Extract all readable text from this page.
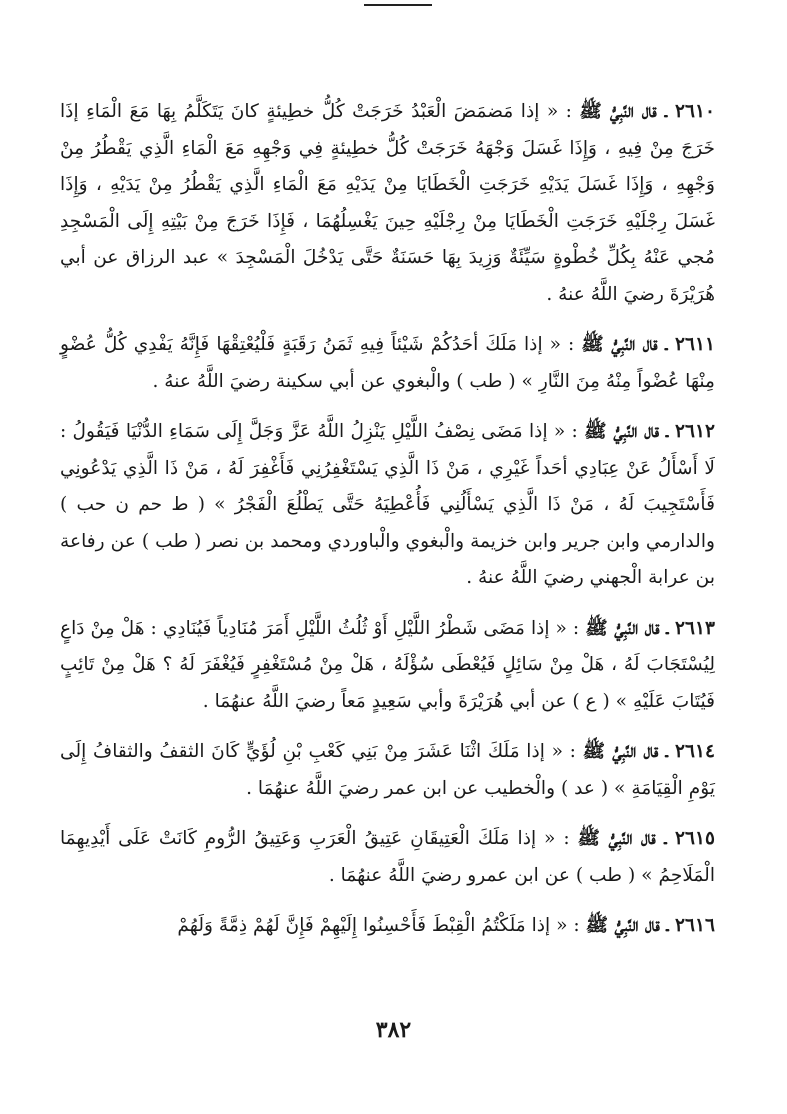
٢٦١٠ ـ قال النَّبِيُّ ﷺ : « إذا مَضمَضَ الْعَبْدُ خَرَجَتْ كُلُّ خطِيئةٍ كانَ يَتَكَلَّمُ بِهَا مَعَ الْمَاءِ إذَا خَرَجَ مِنْ فِيهِ ، وَإِذَا غَسَلَ وَجْهَهُ خَرَجَتْ كُلُّ خطِيئةٍ فِي وَجْهِهِ مَعَ الْمَاءِ الَّذِي يَقْطُرُ مِنْ وَجْهِهِ ، وَإِذَا غَسَلَ يَدَيْهِ خَرَجَتِ الْخَطَايَا مِنْ يَدَيْهِ مَعَ الْمَاءِ الَّذِي يَقْطُرُ مِنْ يَدَيْهِ ، وَإِذَا غَسَلَ رِجْلَيْهِ خَرَجَتِ الْخَطَايَا مِنْ رِجْلَيْهِ حِينَ يَغْسِلُهُمَا ، فَإِذَا خَرَجَ مِنْ بَيْتِهِ إِلَى الْمَسْجِدِ مُجي عَنْهُ بِكُلِّ خُطْوةٍ سَيِّئَةٌ وَزِيدَ بِهَا حَسَنَةٌ حَتَّى يَدْخُلَ الْمَسْجِدَ » عبد الرزاق عن أبي هُرَيْرَةَ رضيَ اللَّهُ عنهُ .

٢٦١١ ـ قال النَّبِيُّ ﷺ : « إذا مَلَكَ أحَدُكُمْ شَيْئاً فِيهِ ثَمَنُ رَقَبَةٍ فَلْيُعْتِقْهَا فَإِنَّهُ يَفْدِي كُلُّ عُضْوٍ مِنْهَا عُضْواً مِنْهُ مِنَ النَّارِ » ( طب ) والْبغوي عن أبي سكينة رضيَ اللَّهُ عنهُ .

٢٦١٢ ـ قال النَّبِيُّ ﷺ : « إذا مَضَى نِصْفُ اللَّيْلِ يَنْزِلُ اللَّهُ عَزَّ وَجَلَّ إِلَى سَمَاءِ الدُّنْيَا فَيَقُولُ : لَا أَسْأَلُ عَنْ عِبَادِي أحَداً غَيْرِي ، مَنْ ذَا الَّذِي يَسْتَغْفِرُنِي فَأَغْفِرَ لَهُ ، مَنْ ذَا الَّذِي يَدْعُونِي فَأَسْتَجِيبَ لَهُ ، مَنْ ذَا الَّذِي يَسْأَلُنِي فَأُعْطِيَهُ حَتَّى يَطْلُعَ الْفَجْرُ » ( ط حم ن حب ) والدارمي وابن جرير وابن خزيمة والْبغوي والْباوردي ومحمد بن نصر ( طب ) عن رفاعة بن عرابة الْجهني رضيَ اللَّهُ عنهُ .

٢٦١٣ ـ قال النَّبِيُّ ﷺ : « إذا مَضَى شَطْرُ اللَّيْلِ أَوْ ثُلُثُ اللَّيْلِ أَمَرَ مُنَادِياً فَيُنَادِي : هَلْ مِنْ دَاعٍ لِيُسْتَجَابَ لَهُ ، هَلْ مِنْ سَائِلٍ فَيُعْطَى سُؤْلَهُ ، هَلْ مِنْ مُسْتَغْفِرٍ فَيُغْفَرَ لَهُ ؟ هَلْ مِنْ تَائِبٍ فَيُتَابَ عَلَيْهِ » ( ع ) عن أبي هُرَيْرَةَ وأبي سَعِيدٍ مَعاً رضيَ اللَّهُ عنهُمَا .

٢٦١٤ ـ قال النَّبِيُّ ﷺ : « إذا مَلَكَ اثْنَا عَشَرَ مِنْ بَنِي كَعْبِ بْنِ لُؤَيٍّ كَانَ الثقفُ والثقافُ إِلَى يَوْمِ الْقِيَامَةِ » ( عد ) والْخطيب عن ابن عمر رضيَ اللَّهُ عنهُمَا .

٢٦١٥ ـ قال النَّبِيُّ ﷺ : « إذا مَلَكَ الْعَتِيقَانِ عَتِيقُ الْعَرَبِ وَعَتِيقُ الرُّومِ كَانَتْ عَلَى أَيْدِيهِمَا الْمَلَاحِمُ » ( طب ) عن ابن عمرو رضيَ اللَّهُ عنهُمَا .

٢٦١٦ ـ قال النَّبِيُّ ﷺ : « إذا مَلَكْتُمُ الْقِبْطَ فَأَحْسِنُوا إِلَيْهِمْ فَإِنَّ لَهُمْ ذِمَّةً وَلَهُمْ

٣٨٢
